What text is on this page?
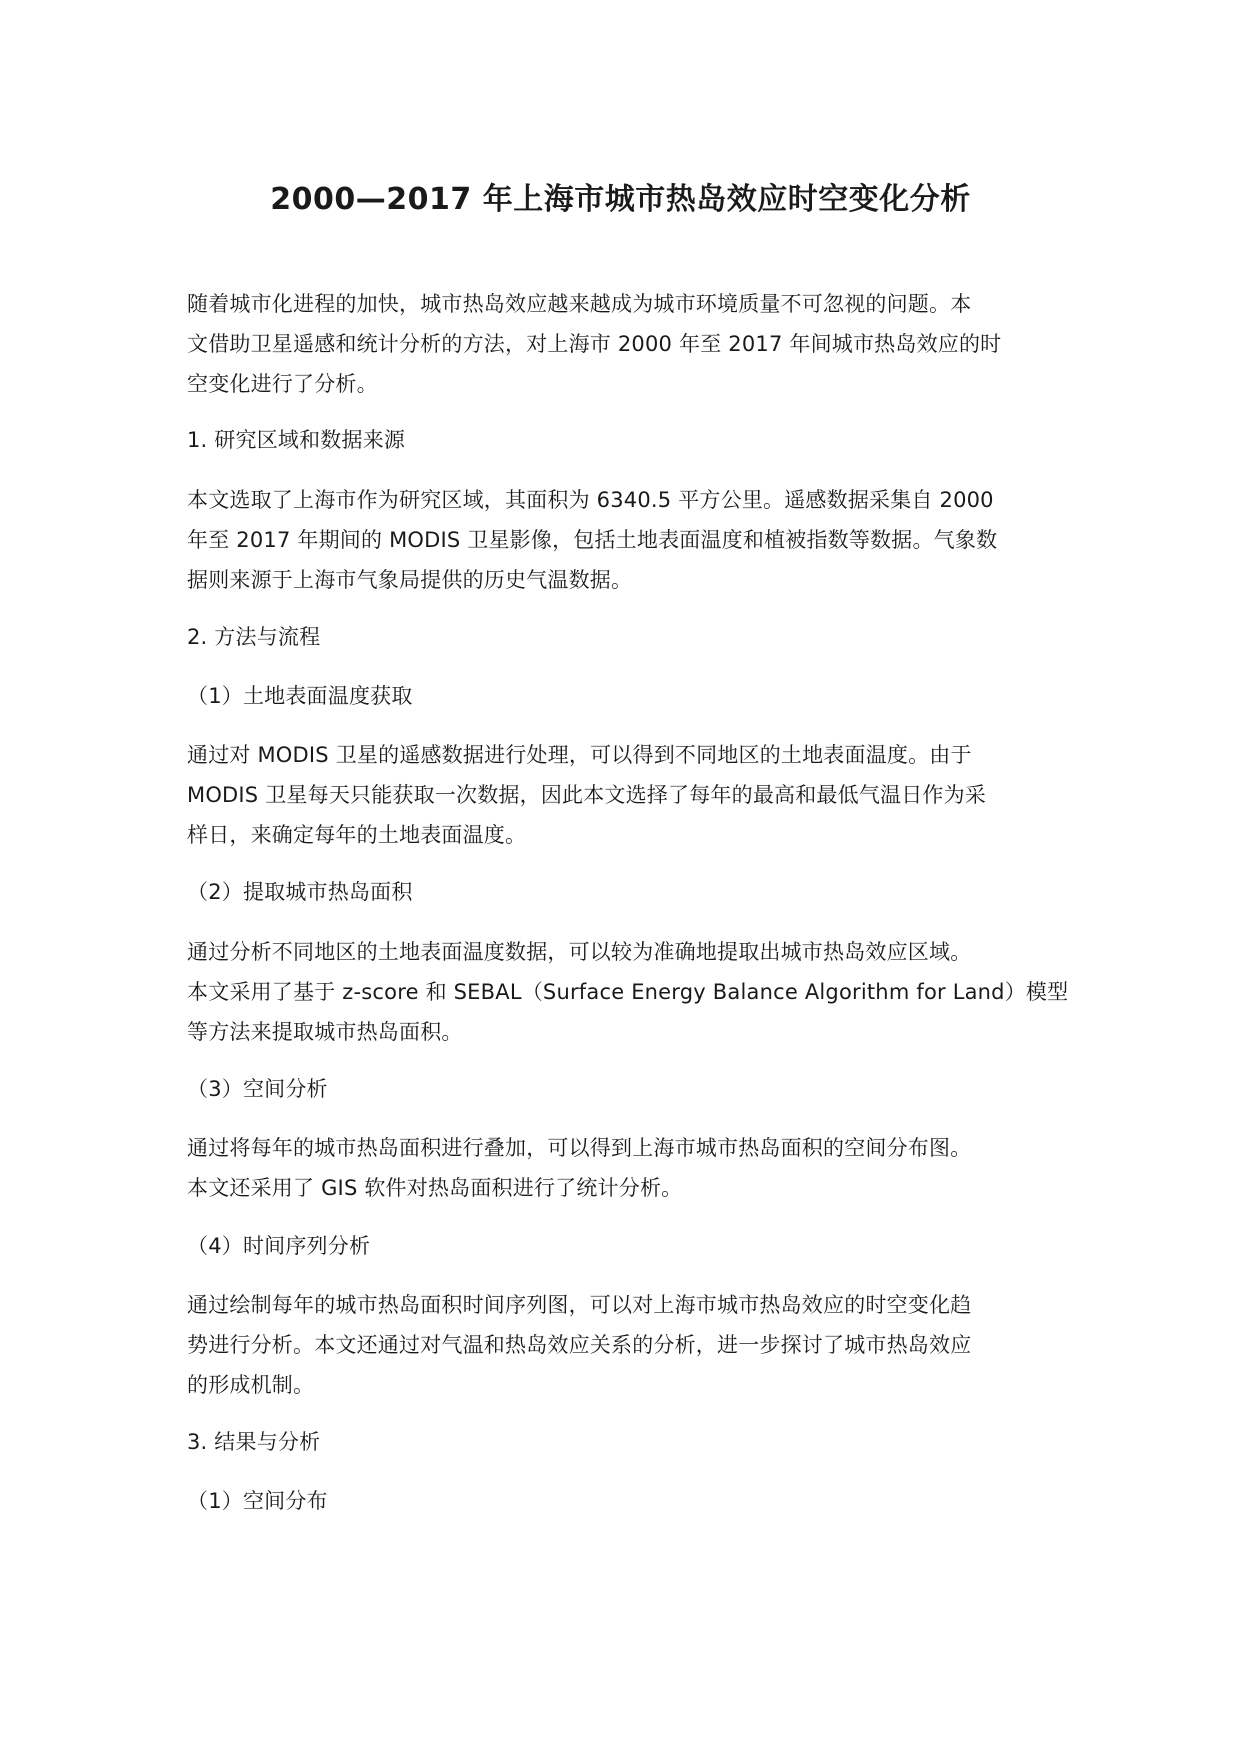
2000—2017 年上海市城市热岛效应时空变化分析
随着城市化进程的加快，城市热岛效应越来越成为城市环境质量不可忽视的问题。本
文借助卫星遥感和统计分析的方法，对上海市 2000 年至 2017 年间城市热岛效应的时
空变化进行了分析。
1. 研究区域和数据来源
本文选取了上海市作为研究区域，其面积为 6340.5 平方公里。遥感数据采集自 2000
年至 2017 年期间的 MODIS 卫星影像，包括土地表面温度和植被指数等数据。气象数
据则来源于上海市气象局提供的历史气温数据。
2. 方法与流程
（1）土地表面温度获取
通过对 MODIS 卫星的遥感数据进行处理，可以得到不同地区的土地表面温度。由于
MODIS 卫星每天只能获取一次数据，因此本文选择了每年的最高和最低气温日作为采
样日，来确定每年的土地表面温度。
（2）提取城市热岛面积
通过分析不同地区的土地表面温度数据，可以较为准确地提取出城市热岛效应区域。
本文采用了基于 z-score 和 SEBAL（Surface Energy Balance Algorithm for Land）模型
等方法来提取城市热岛面积。
（3）空间分析
通过将每年的城市热岛面积进行叠加，可以得到上海市城市热岛面积的空间分布图。
本文还采用了 GIS 软件对热岛面积进行了统计分析。
（4）时间序列分析
通过绘制每年的城市热岛面积时间序列图，可以对上海市城市热岛效应的时空变化趋
势进行分析。本文还通过对气温和热岛效应关系的分析，进一步探讨了城市热岛效应
的形成机制。
3. 结果与分析
（1）空间分布
